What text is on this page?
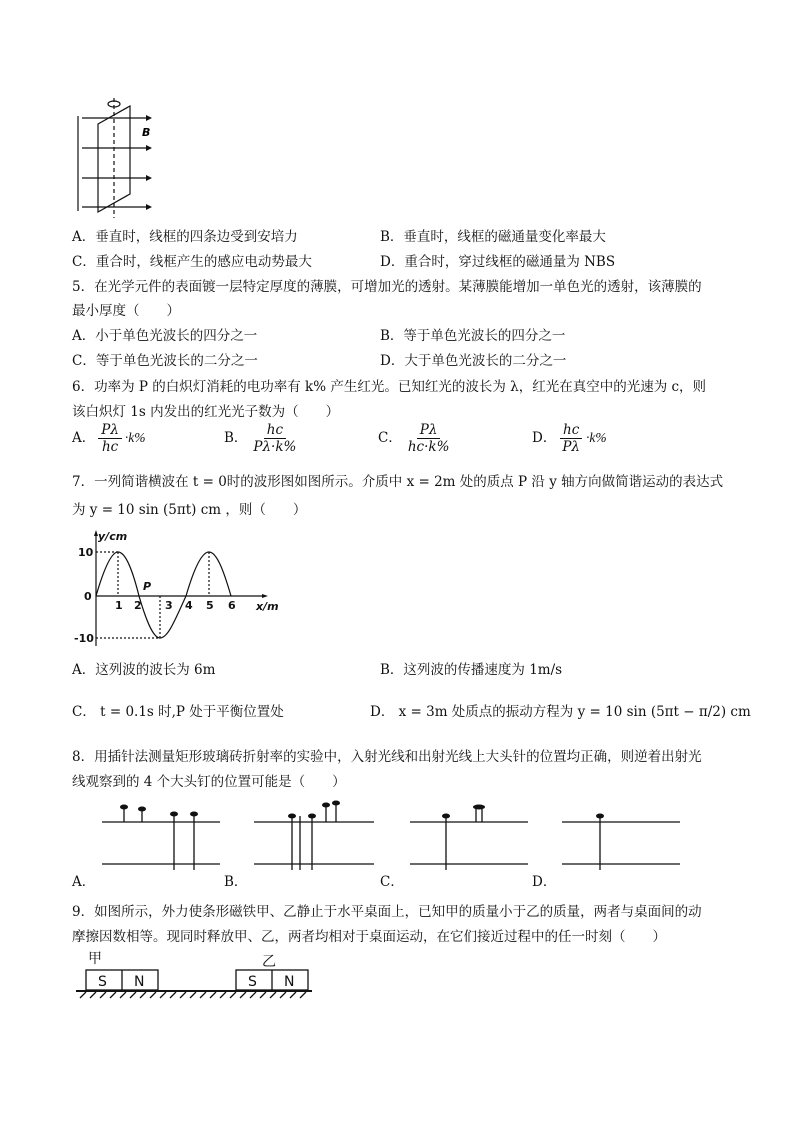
B
A．垂直时，线框的四条边受到安培力	B．垂直时，线框的磁通量变化率最大
C．重合时，线框产生的感应电动势最大	D．重合时，穿过线框的磁通量为 NBS
5．在光学元件的表面镀一层特定厚度的薄膜，可增加光的透射。某薄膜能增加一单色光的透射，该薄膜的
最小厚度（　　）
A．小于单色光波长的四分之一	B．等于单色光波长的四分之一
C．等于单色光波长的二分之一	D．大于单色光波长的二分之一
6．功率为 P 的白炽灯消耗的电功率有 k% 产生红光。已知红光的波长为 λ，红光在真空中的光速为 c，则
该白炽灯 1s 内发出的红光光子数为（　　）
A． $\frac{P\lambda}{hc} \cdot k\%$	B． $\frac{hc}{P\lambda\cdot k\%}$	C． $\frac{P\lambda}{hc\cdot k\%}$	D． $\frac{hc}{P\lambda} \cdot k\%$
7．一列简谐横波在 t = 0时的波形图如图所示。介质中 x = 2m 处的质点 P 沿 y 轴方向做简谐运动的表达式
为 y = 10 sin (5πt) cm ，则（　　）
y/cm
x/m
0
10
-10
1 2 3 4 5 6
P
A．这列波的波长为 6m	B．这列波的传播速度为 1m/s
C． t = 0.1s 时,P 处于平衡位置处	D． x = 3m 处质点的振动方程为 y = 10 sin (5πt − π/2) cm
8．用插针法测量矩形玻璃砖折射率的实验中，入射光线和出射光线上大头针的位置均正确，则逆着出射光
线观察到的 4 个大头钉的位置可能是（　　）
A．	B．	C．	D．
9．如图所示，外力使条形磁铁甲、乙静止于水平桌面上，已知甲的质量小于乙的质量，两者与桌面间的动
摩擦因数相等。现同时释放甲、乙，两者均相对于桌面运动，在它们接近过程中的任一时刻（　　）
甲	乙
S N	S N
